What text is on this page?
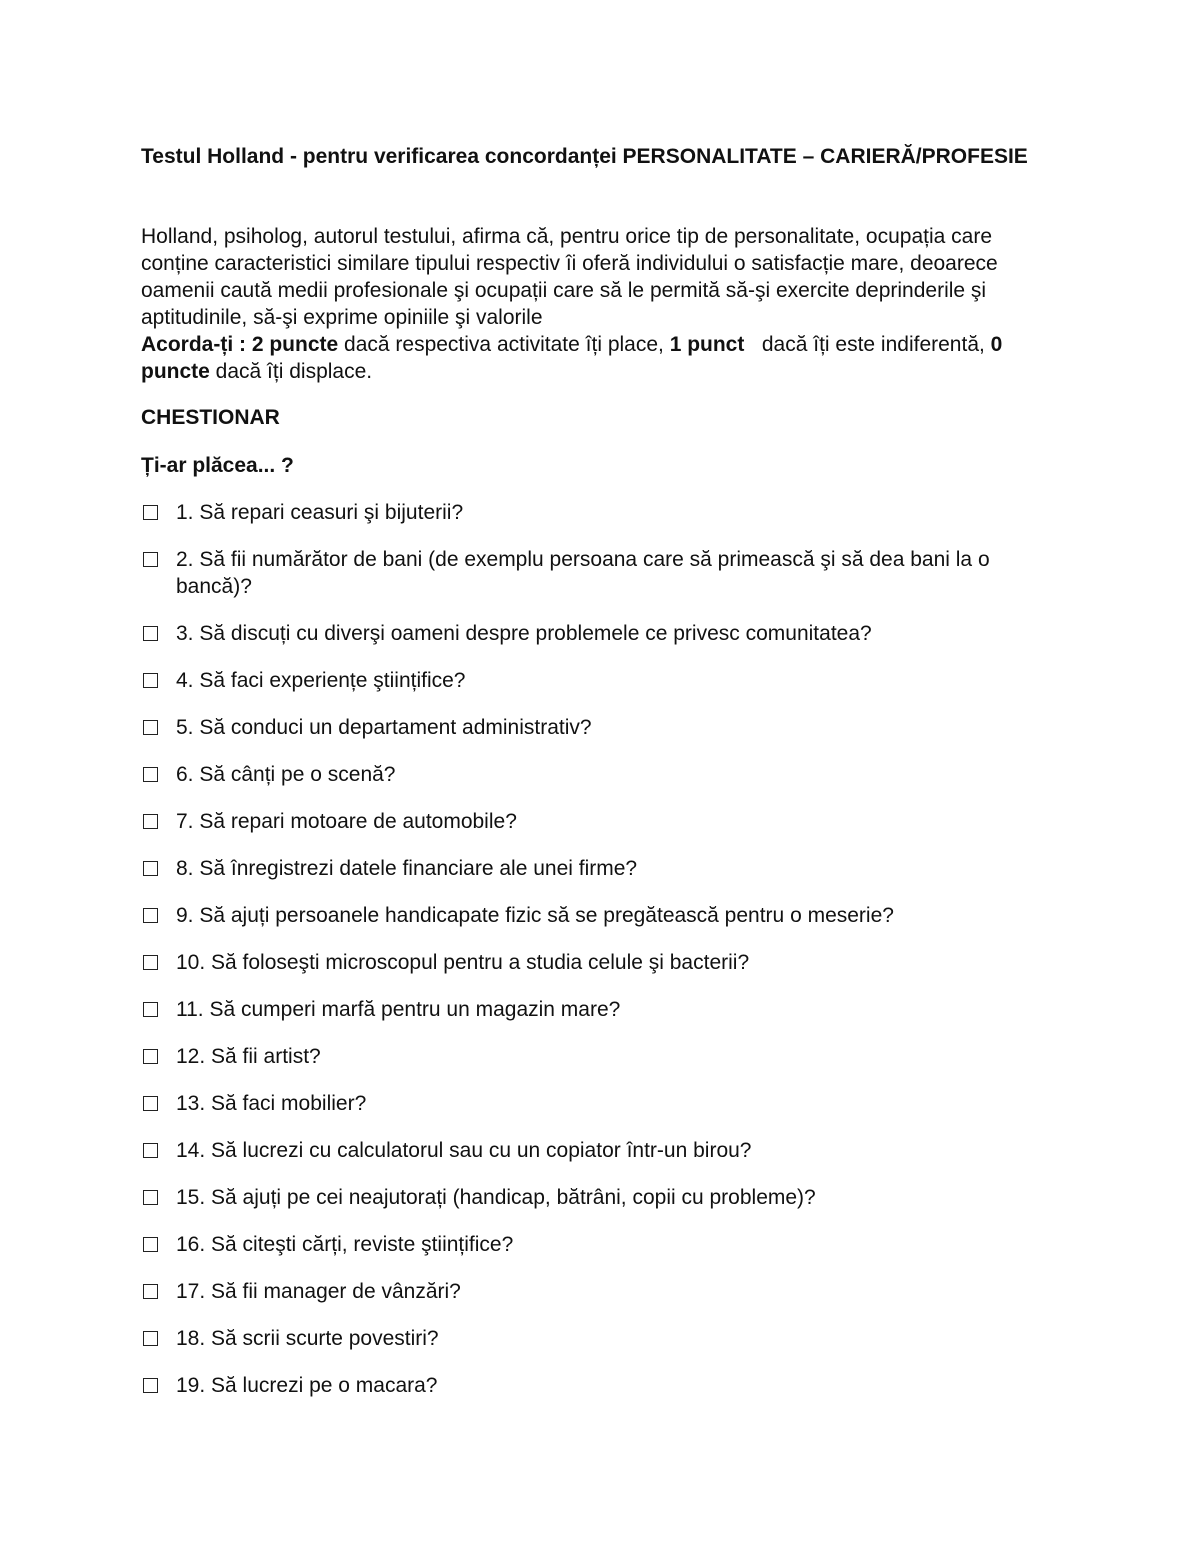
Testul Holland - pentru verificarea concordanței PERSONALITATE – CARIERĂ/PROFESIE

Holland, psiholog, autorul testului, afirma că, pentru orice tip de personalitate, ocupația care conține caracteristici similare tipului respectiv îi oferă individului o satisfacție mare, deoarece oamenii caută medii profesionale şi ocupații care să le permită să-şi exercite deprinderile şi aptitudinile, să-şi exprime opiniile şi valorile
Acorda-ți : 2 puncte dacă respectiva activitate îți place, 1 punct   dacă îți este indiferentă, 0 puncte dacă îți displace.

CHESTIONAR
Ți-ar plăcea... ?
1. Să repari ceasuri şi bijuterii?
2. Să fii numărător de bani (de exemplu persoana care să primească şi să dea bani la o bancă)?
3. Să discuți cu diverşi oameni despre problemele ce privesc comunitatea?
4. Să faci experiențe ştiințifice?
5. Să conduci un departament administrativ?
6. Să cânți pe o scenă?
7. Să repari motoare de automobile?
8. Să înregistrezi datele financiare ale unei firme?
9. Să ajuți persoanele handicapate fizic să se pregătească pentru o meserie?
10. Să foloseşti microscopul pentru a studia celule şi bacterii?
11. Să cumperi marfă pentru un magazin mare?
12. Să fii artist?
13. Să faci mobilier?
14. Să lucrezi cu calculatorul sau cu un copiator într-un birou?
15. Să ajuți pe cei neajutorați (handicap, bătrâni, copii cu probleme)?
16. Să citeşti cărți, reviste ştiințifice?
17. Să fii manager de vânzări?
18. Să scrii scurte povestiri?
19. Să lucrezi pe o macara?
